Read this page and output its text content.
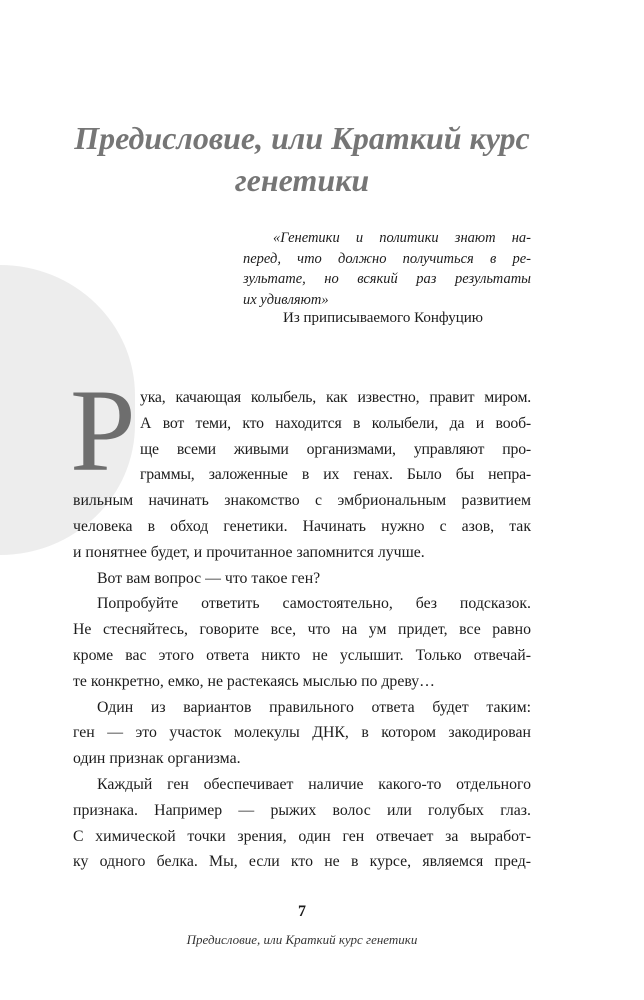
Предисловие, или Краткий курс
генетики
«Генетики и политики знают на-
перед, что должно получиться в ре-
зультате, но всякий раз результаты
их удивляют»
Из приписываемого Конфуцию
Р ука, качающая колыбель, как известно, правит миром.
А вот теми, кто находится в колыбели, да и вооб-
ще всеми живыми организмами, управляют про-
граммы, заложенные в их генах. Было бы непра-
вильным начинать знакомство с эмбриональным развитием
человека в обход генетики. Начинать нужно с азов, так
и понятнее будет, и прочитанное запомнится лучше.
Вот вам вопрос — что такое ген?
Попробуйте ответить самостоятельно, без подсказок.
Не стесняйтесь, говорите все, что на ум придет, все равно
кроме вас этого ответа никто не услышит. Только отвечай-
те конкретно, емко, не растекаясь мыслью по древу…
Один из вариантов правильного ответа будет таким:
ген — это участок молекулы ДНК, в котором закодирован
один признак организма.
Каждый ген обеспечивает наличие какого-то отдельного
признака. Например — рыжих волос или голубых глаз.
С химической точки зрения, один ген отвечает за выработ-
ку одного белка. Мы, если кто не в курсе, являемся пред-
7
Предисловие, или Краткий курс генетики
